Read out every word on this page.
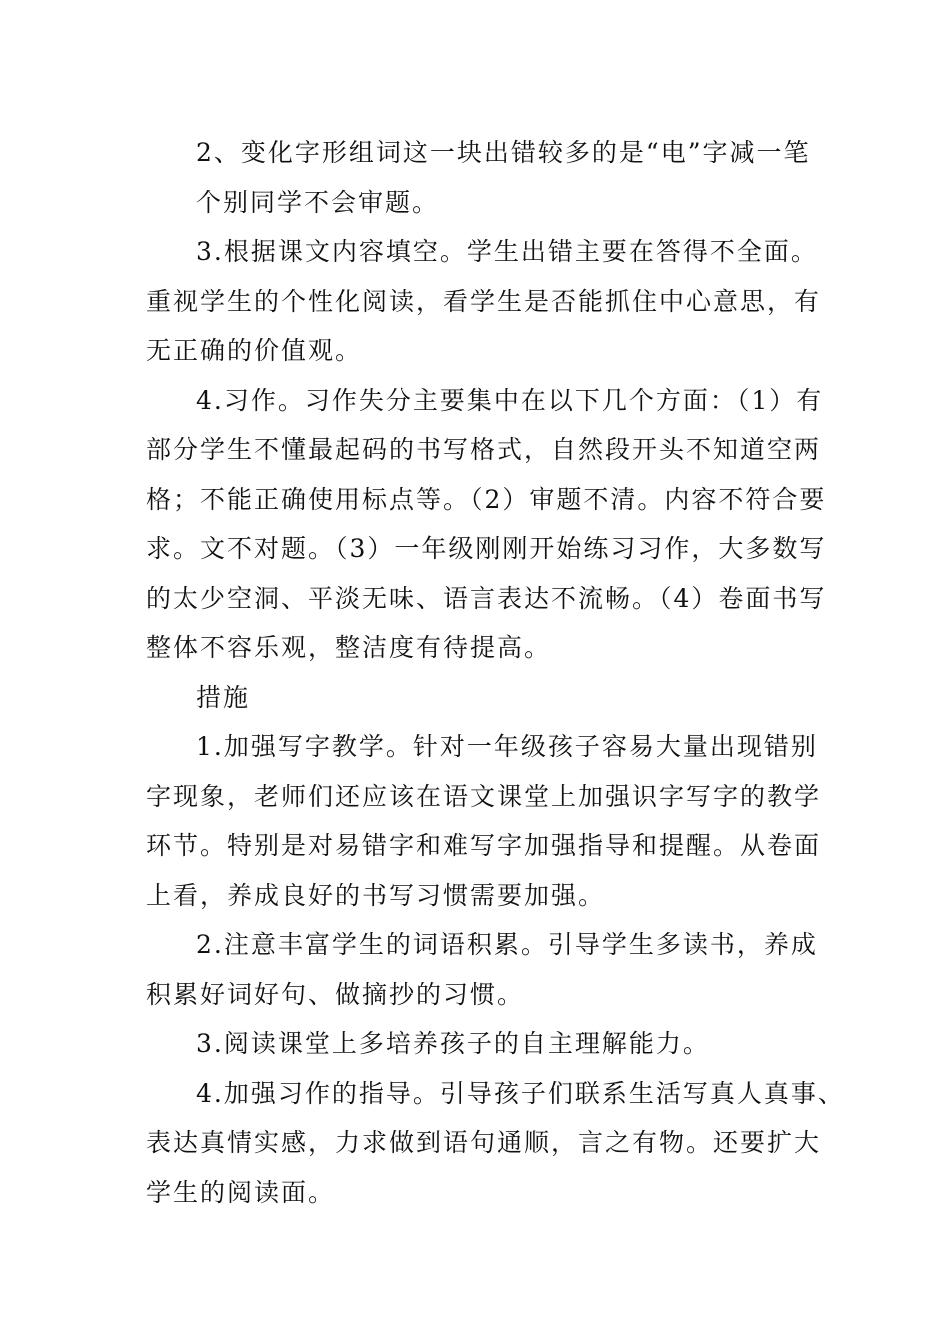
2、变化字形组词这一块出错较多的是“电”字减一笔
个别同学不会审题。
3.根据课文内容填空。学生出错主要在答得不全面。
重视学生的个性化阅读，看学生是否能抓住中心意思，有
无正确的价值观。
4.习作。习作失分主要集中在以下几个方面：（1）有
部分学生不懂最起码的书写格式，自然段开头不知道空两
格；不能正确使用标点等。（2）审题不清。内容不符合要
求。文不对题。（3）一年级刚刚开始练习习作，大多数写
的太少空洞、平淡无味、语言表达不流畅。（4）卷面书写
整体不容乐观，整洁度有待提高。
措施
1.加强写字教学。针对一年级孩子容易大量出现错别
字现象，老师们还应该在语文课堂上加强识字写字的教学
环节。特别是对易错字和难写字加强指导和提醒。从卷面
上看，养成良好的书写习惯需要加强。
2.注意丰富学生的词语积累。引导学生多读书，养成
积累好词好句、做摘抄的习惯。
3.阅读课堂上多培养孩子的自主理解能力。
4.加强习作的指导。引导孩子们联系生活写真人真事、
表达真情实感，力求做到语句通顺，言之有物。还要扩大
学生的阅读面。
